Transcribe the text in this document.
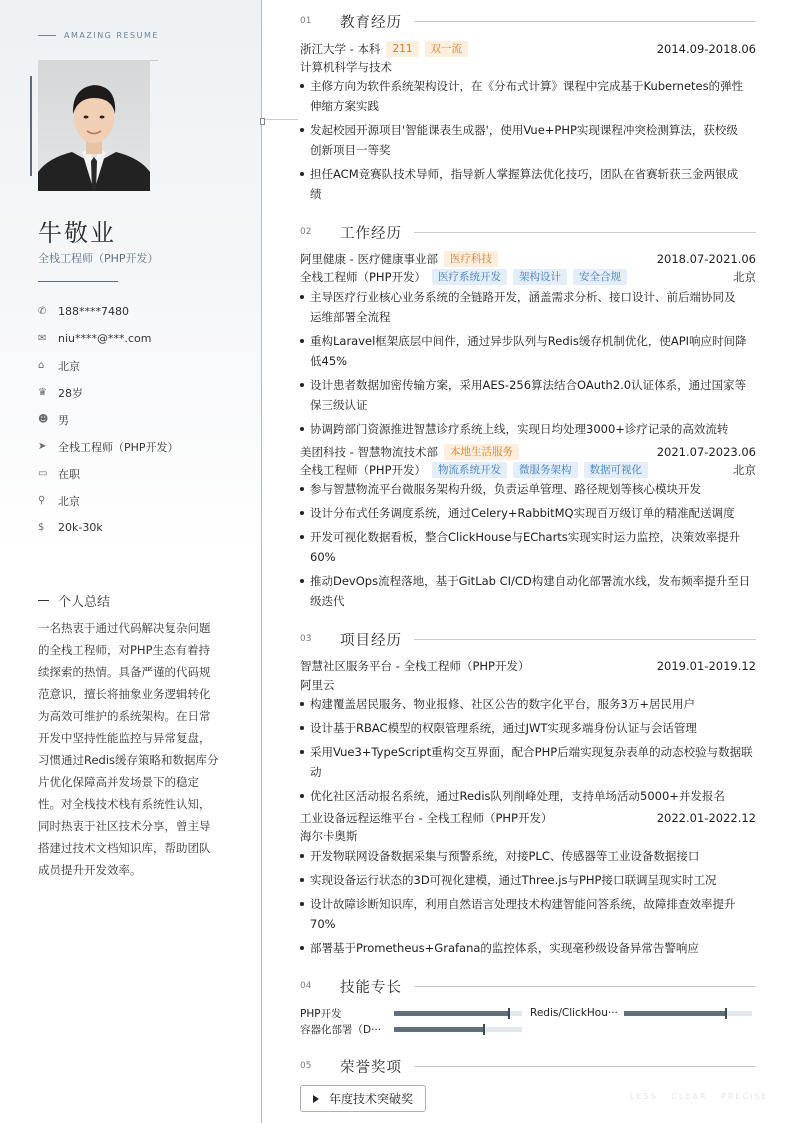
AMAZING RESUME
牛敬业
全栈工程师（PHP开发）
✆	188****7480
✉	niu****@***.com
⌂	北京
♛	28岁
☻ 男
➤	全栈工程师（PHP开发）
▭ 在职
⚲	北京
$	20k-30k
个人总结
一名热衷于通过代码解决复杂问题的全栈工程师，对PHP生态有着持续探索的热情。具备严谨的代码规范意识，擅长将抽象业务逻辑转化为高效可维护的系统架构。在日常开发中坚持性能监控与异常复盘，习惯通过Redis缓存策略和数据库分片优化保障高并发场景下的稳定性。对全栈技术栈有系统性认知，同时热衷于社区技术分享，曾主导搭建过技术文档知识库，帮助团队成员提升开发效率。
01	教育经历
浙江大学 - 本科	211	双一流	2014.09-2018.06
计算机科学与技术
主修方向为软件系统架构设计，在《分布式计算》课程中完成基于Kubernetes的弹性
伸缩方案实践
发起校园开源项目'智能课表生成器'，使用Vue+PHP实现课程冲突检测算法，获校级
创新项目一等奖
担任ACM竞赛队技术导师，指导新人掌握算法优化技巧，团队在省赛斩获三金两银成
绩
02	工作经历
阿里健康 - 医疗健康事业部	医疗科技	2018.07-2021.06
全栈工程师（PHP开发）	医疗系统开发	架构设计	安全合规	北京
主导医疗行业核心业务系统的全链路开发，涵盖需求分析、接口设计、前后端协同及
运维部署全流程
重构Laravel框架底层中间件，通过异步队列与Redis缓存机制优化，使API响应时间降
低45%
设计患者数据加密传输方案，采用AES-256算法结合OAuth2.0认证体系，通过国家等
保三级认证
协调跨部门资源推进智慧诊疗系统上线，实现日均处理3000+诊疗记录的高效流转
美团科技 - 智慧物流技术部	本地生活服务	2021.07-2023.06
全栈工程师（PHP开发）	物流系统开发	微服务架构	数据可视化	北京
参与智慧物流平台微服务架构升级，负责运单管理、路径规划等核心模块开发
设计分布式任务调度系统，通过Celery+RabbitMQ实现百万级订单的精准配送调度
开发可视化数据看板，整合ClickHouse与ECharts实现实时运力监控，决策效率提升
60%
推动DevOps流程落地，基于GitLab CI/CD构建自动化部署流水线，发布频率提升至日
级迭代
03	项目经历
智慧社区服务平台 - 全栈工程师（PHP开发）	2019.01-2019.12
阿里云
构建覆盖居民服务、物业报修、社区公告的数字化平台，服务3万+居民用户
设计基于RBAC模型的权限管理系统，通过JWT实现多端身份认证与会话管理
采用Vue3+TypeScript重构交互界面，配合PHP后端实现复杂表单的动态校验与数据联
动
优化社区活动报名系统，通过Redis队列削峰处理，支持单场活动5000+并发报名
工业设备远程运维平台 - 全栈工程师（PHP开发）	2022.01-2022.12
海尔卡奥斯
开发物联网设备数据采集与预警系统，对接PLC、传感器等工业设备数据接口
实现设备运行状态的3D可视化建模，通过Three.js与PHP接口联调呈现实时工况
设计故障诊断知识库，利用自然语言处理技术构建智能问答系统，故障排查效率提升
70%
部署基于Prometheus+Grafana的监控体系，实现毫秒级设备异常告警响应
04	技能专长
PHP开发	Redis/ClickHou···
容器化部署（D···
05	荣誉奖项
年度技术突破奖	LESS · CLEAR · PRECISE
